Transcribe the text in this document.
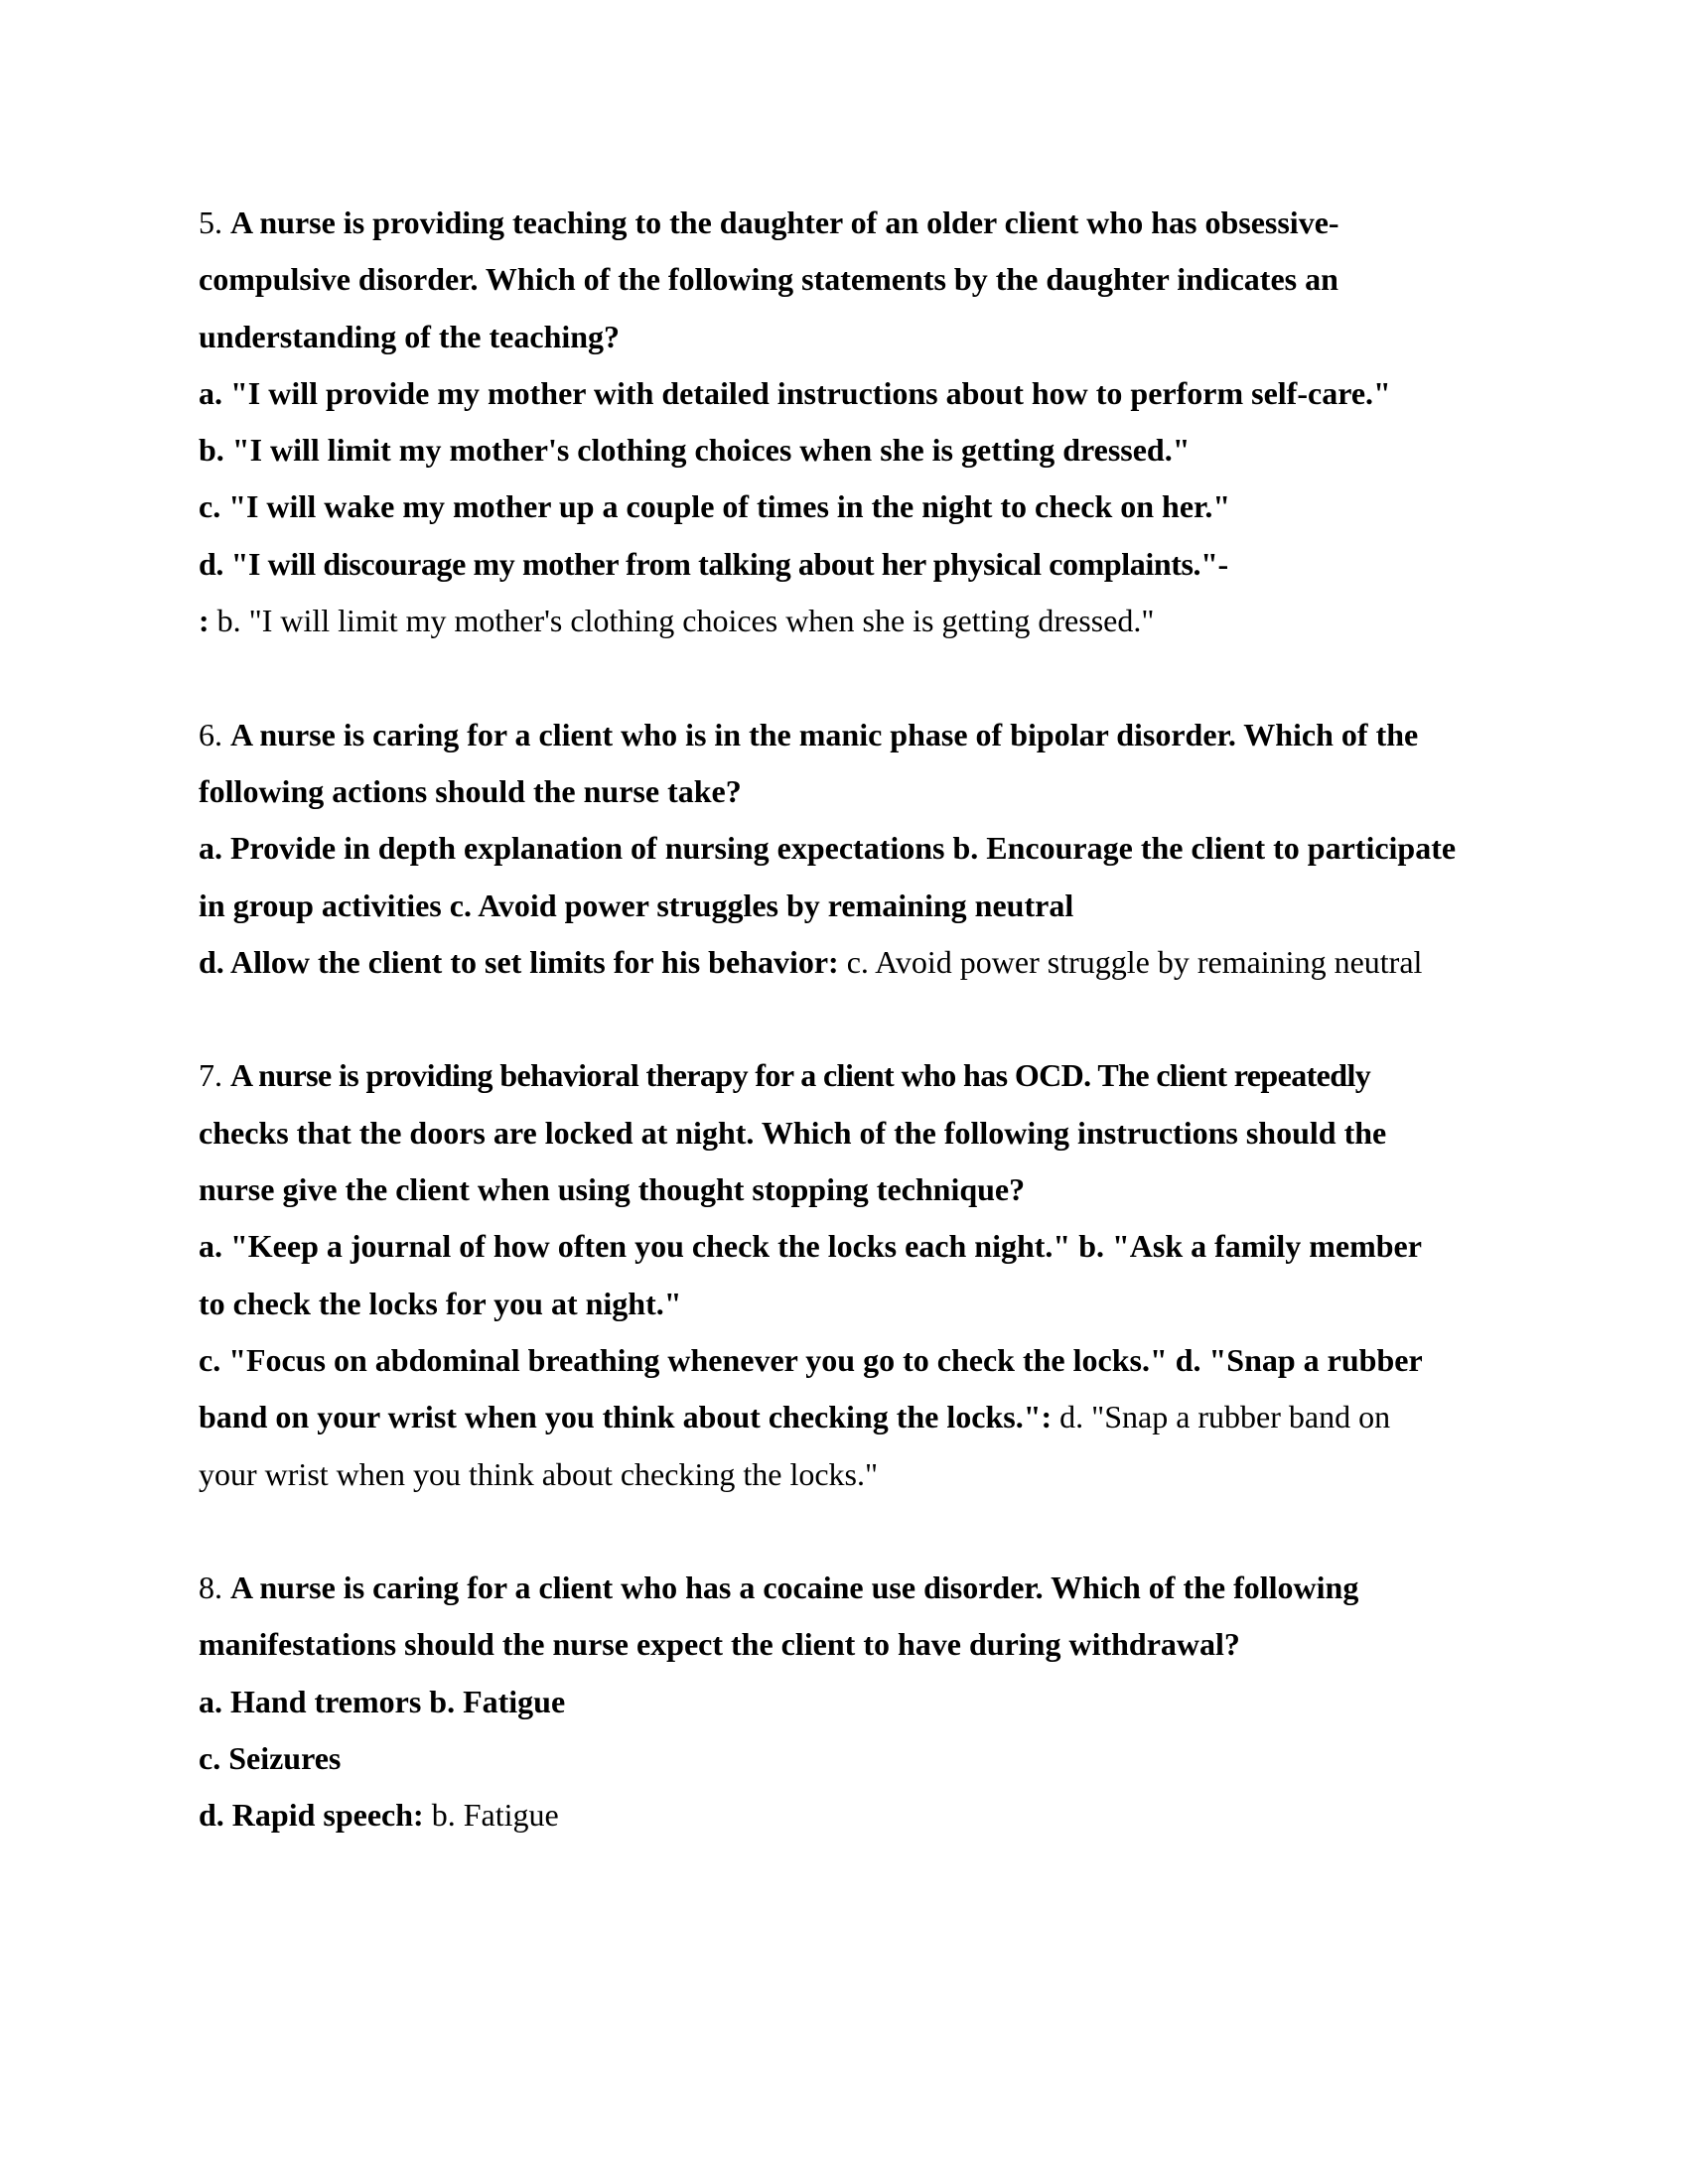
5. A nurse is providing teaching to the daughter of an older client who has obsessive-
compulsive disorder. Which of the following statements by the daughter indicates an
understanding of the teaching?
a. "I will provide my mother with detailed instructions about how to perform self-care."
b. "I will limit my mother's clothing choices when she is getting dressed."
c. "I will wake my mother up a couple of times in the night to check on her."
d. "I will discourage my mother from talking about her physical complaints."-
: b. "I will limit my mother's clothing choices when she is getting dressed."
6. A nurse is caring for a client who is in the manic phase of bipolar disorder. Which of the
following actions should the nurse take?
a. Provide in depth explanation of nursing expectations b. Encourage the client to participate
in group activities c. Avoid power struggles by remaining neutral
d. Allow the client to set limits for his behavior: c. Avoid power struggle by remaining neutral
7. A nurse is providing behavioral therapy for a client who has OCD. The client repeatedly
checks that the doors are locked at night. Which of the following instructions should the
nurse give the client when using thought stopping technique?
a. "Keep a journal of how often you check the locks each night." b. "Ask a family member
to check the locks for you at night."
c. "Focus on abdominal breathing whenever you go to check the locks." d. "Snap a rubber
band on your wrist when you think about checking the locks.": d. "Snap a rubber band on
your wrist when you think about checking the locks."
8. A nurse is caring for a client who has a cocaine use disorder. Which of the following
manifestations should the nurse expect the client to have during withdrawal?
a. Hand tremors b. Fatigue
c. Seizures
d. Rapid speech: b. Fatigue
